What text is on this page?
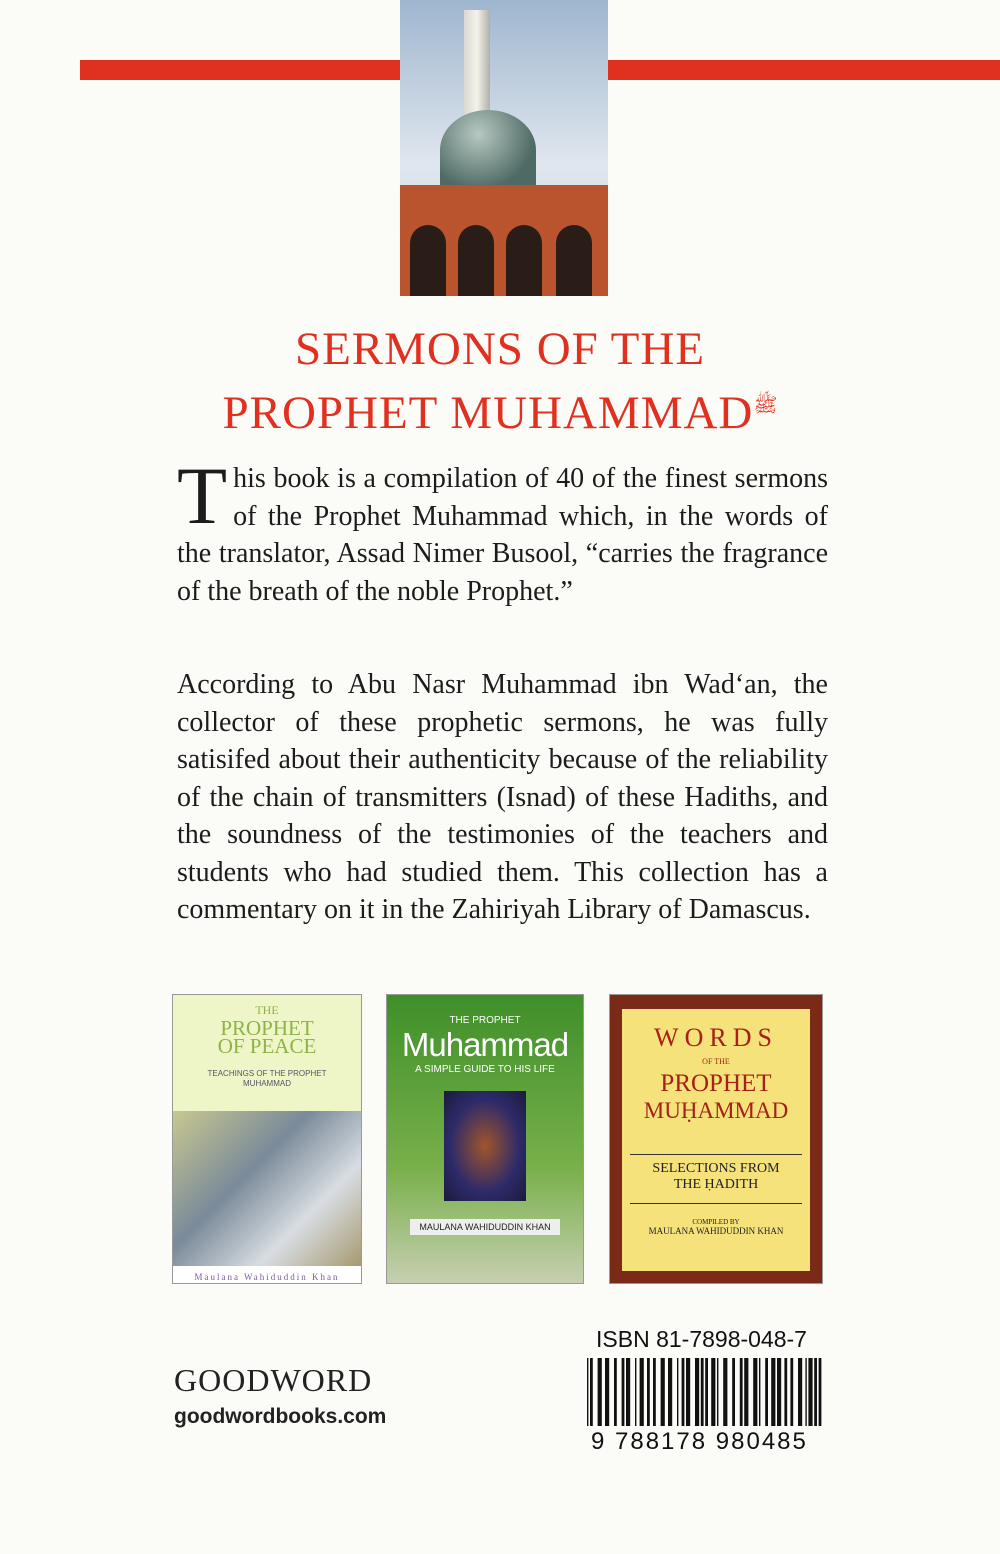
SERMONS OF THE
PROPHET $MUHAMMAD^ﷺ$
This book is a compilation of 40 of the finest sermons of the Prophet Muhammad which, in the words of the translator, Assad Nimer Busool, “carries the fragrance of the breath of the noble Prophet.”
According to Abu Nasr Muhammad ibn Wad‘an, the collector of these prophetic sermons, he was fully satisifed about their authenticity because of the reliability of the chain of transmitters (Isnad) of these Hadiths, and the soundness of the testimonies of the teachers and students who had studied them. This collection has a commentary on it in the Zahiriyah Library of Damascus.
THE
PROPHET
OF PEACE
TEACHINGS OF THE PROPHET
MUHAMMAD
Maulana Wahiduddin Khan
THE PROPHET
Muhammad
A SIMPLE GUIDE TO HIS LIFE
MAULANA WAHIDUDDIN KHAN
WORDS
OF THE
PROPHET
MUḤAMMAD
SELECTIONS FROM
THE ḤADITH
COMPILED BY
MAULANA WAHIDUDDIN KHAN
GOODWORD
goodwordbooks.com
ISBN 81-7898-048-7
9 788178 980485
